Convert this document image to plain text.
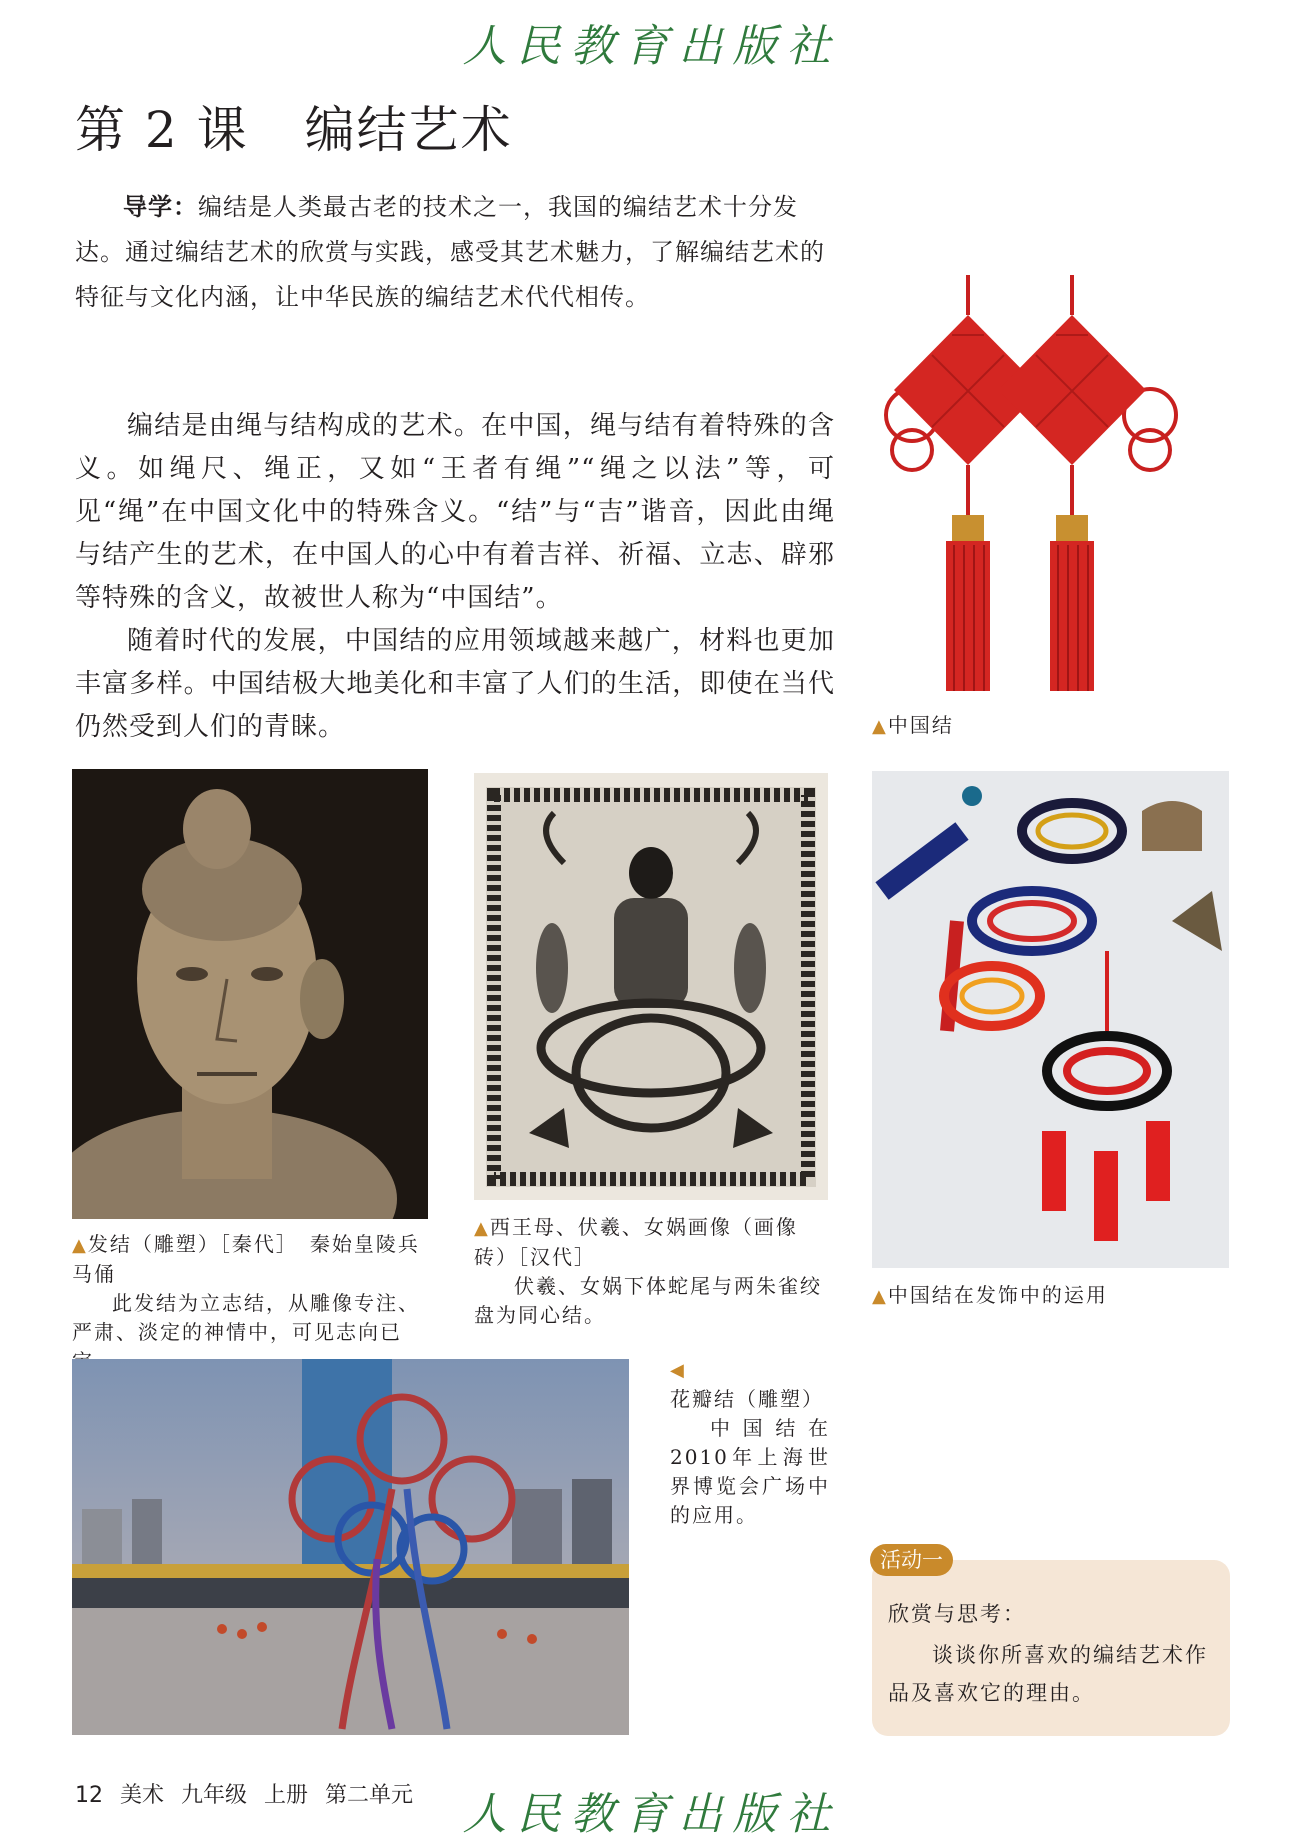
人民教育出版社
第 2 课 编结艺术
导学：编结是人类最古老的技术之一，我国的编结艺术十分发达。通过编结艺术的欣赏与实践，感受其艺术魅力，了解编结艺术的特征与文化内涵，让中华民族的编结艺术代代相传。

编结是由绳与结构成的艺术。在中国，绳与结有着特殊的含义。如绳尺、绳正，又如“王者有绳”“绳之以法”等，可见“绳”在中国文化中的特殊含义。“结”与“吉”谐音，因此由绳与结产生的艺术，在中国人的心中有着吉祥、祈福、立志、辟邪等特殊的含义，故被世人称为“中国结”。

随着时代的发展，中国结的应用领域越来越广，材料也更加丰富多样。中国结极大地美化和丰富了人们的生活，即使在当代仍然受到人们的青睐。	▲中国结
▲发结（雕塑）［秦代］　秦始皇陵兵马俑
此发结为立志结，从雕像专注、严肃、淡定的神情中，可见志向已
▲西王母、伏羲、女娲画像（画像砖）［汉代］
伏羲、女娲下体蛇尾与两朱雀绞盘为同心结。
▲中国结在发饰中的运用
◀花瓣结（雕塑）
中国结在2010年上海世界博览会广场中的应用。
活动一
欣赏与思考：
谈谈你所喜欢的编结艺术作品及喜欢它的理由。
12 美术 九年级 上册 第二单元	人民教育出版社
